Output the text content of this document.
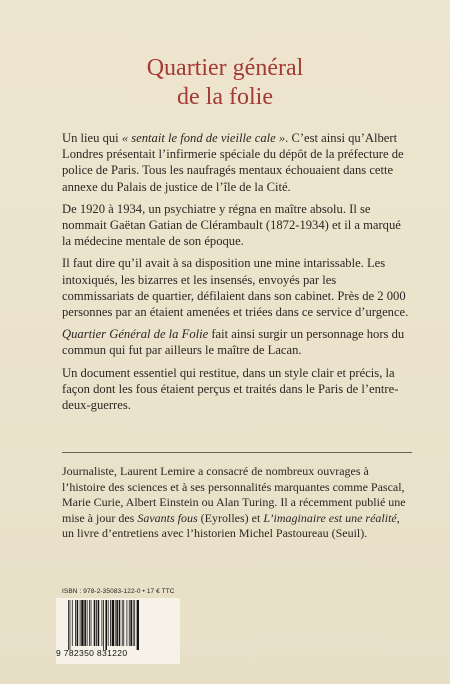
Quartier général
de la folie

Un lieu qui « sentait le fond de vieille cale ». C’est ainsi qu’Albert Londres présentait l’infirmerie spéciale du dépôt de la préfecture de police de Paris. Tous les naufragés mentaux échouaient dans cette annexe du Palais de justice de l’île de la Cité.

De 1920 à 1934, un psychiatre y régna en maître absolu. Il se nommait Gaëtan Gatian de Clérambault (1872-1934) et il a marqué la médecine mentale de son époque.

Il faut dire qu’il avait à sa disposition une mine intarissable. Les intoxiqués, les bizarres et les insensés, envoyés par les commissariats de quartier, défilaient dans son cabinet. Près de 2 000 personnes par an étaient amenées et triées dans ce service d’urgence.

Quartier Général de la Folie fait ainsi surgir un personnage hors du commun qui fut par ailleurs le maître de Lacan.

Un document essentiel qui restitue, dans un style clair et précis, la façon dont les fous étaient perçus et traités dans le Paris de l’entre-deux-guerres.

Journaliste, Laurent Lemire a consacré de nombreux ouvrages à l’histoire des sciences et à ses personnalités marquantes comme Pascal, Marie Curie, Albert Einstein ou Alan Turing. Il a récemment publié une mise à jour des Savants fous (Eyrolles) et L’imaginaire est une réalité, un livre d’entretiens avec l’historien Michel Pastoureau (Seuil).
ISBN : 978-2-35083-122-0 • 17 € TTC
9 782350 831220
